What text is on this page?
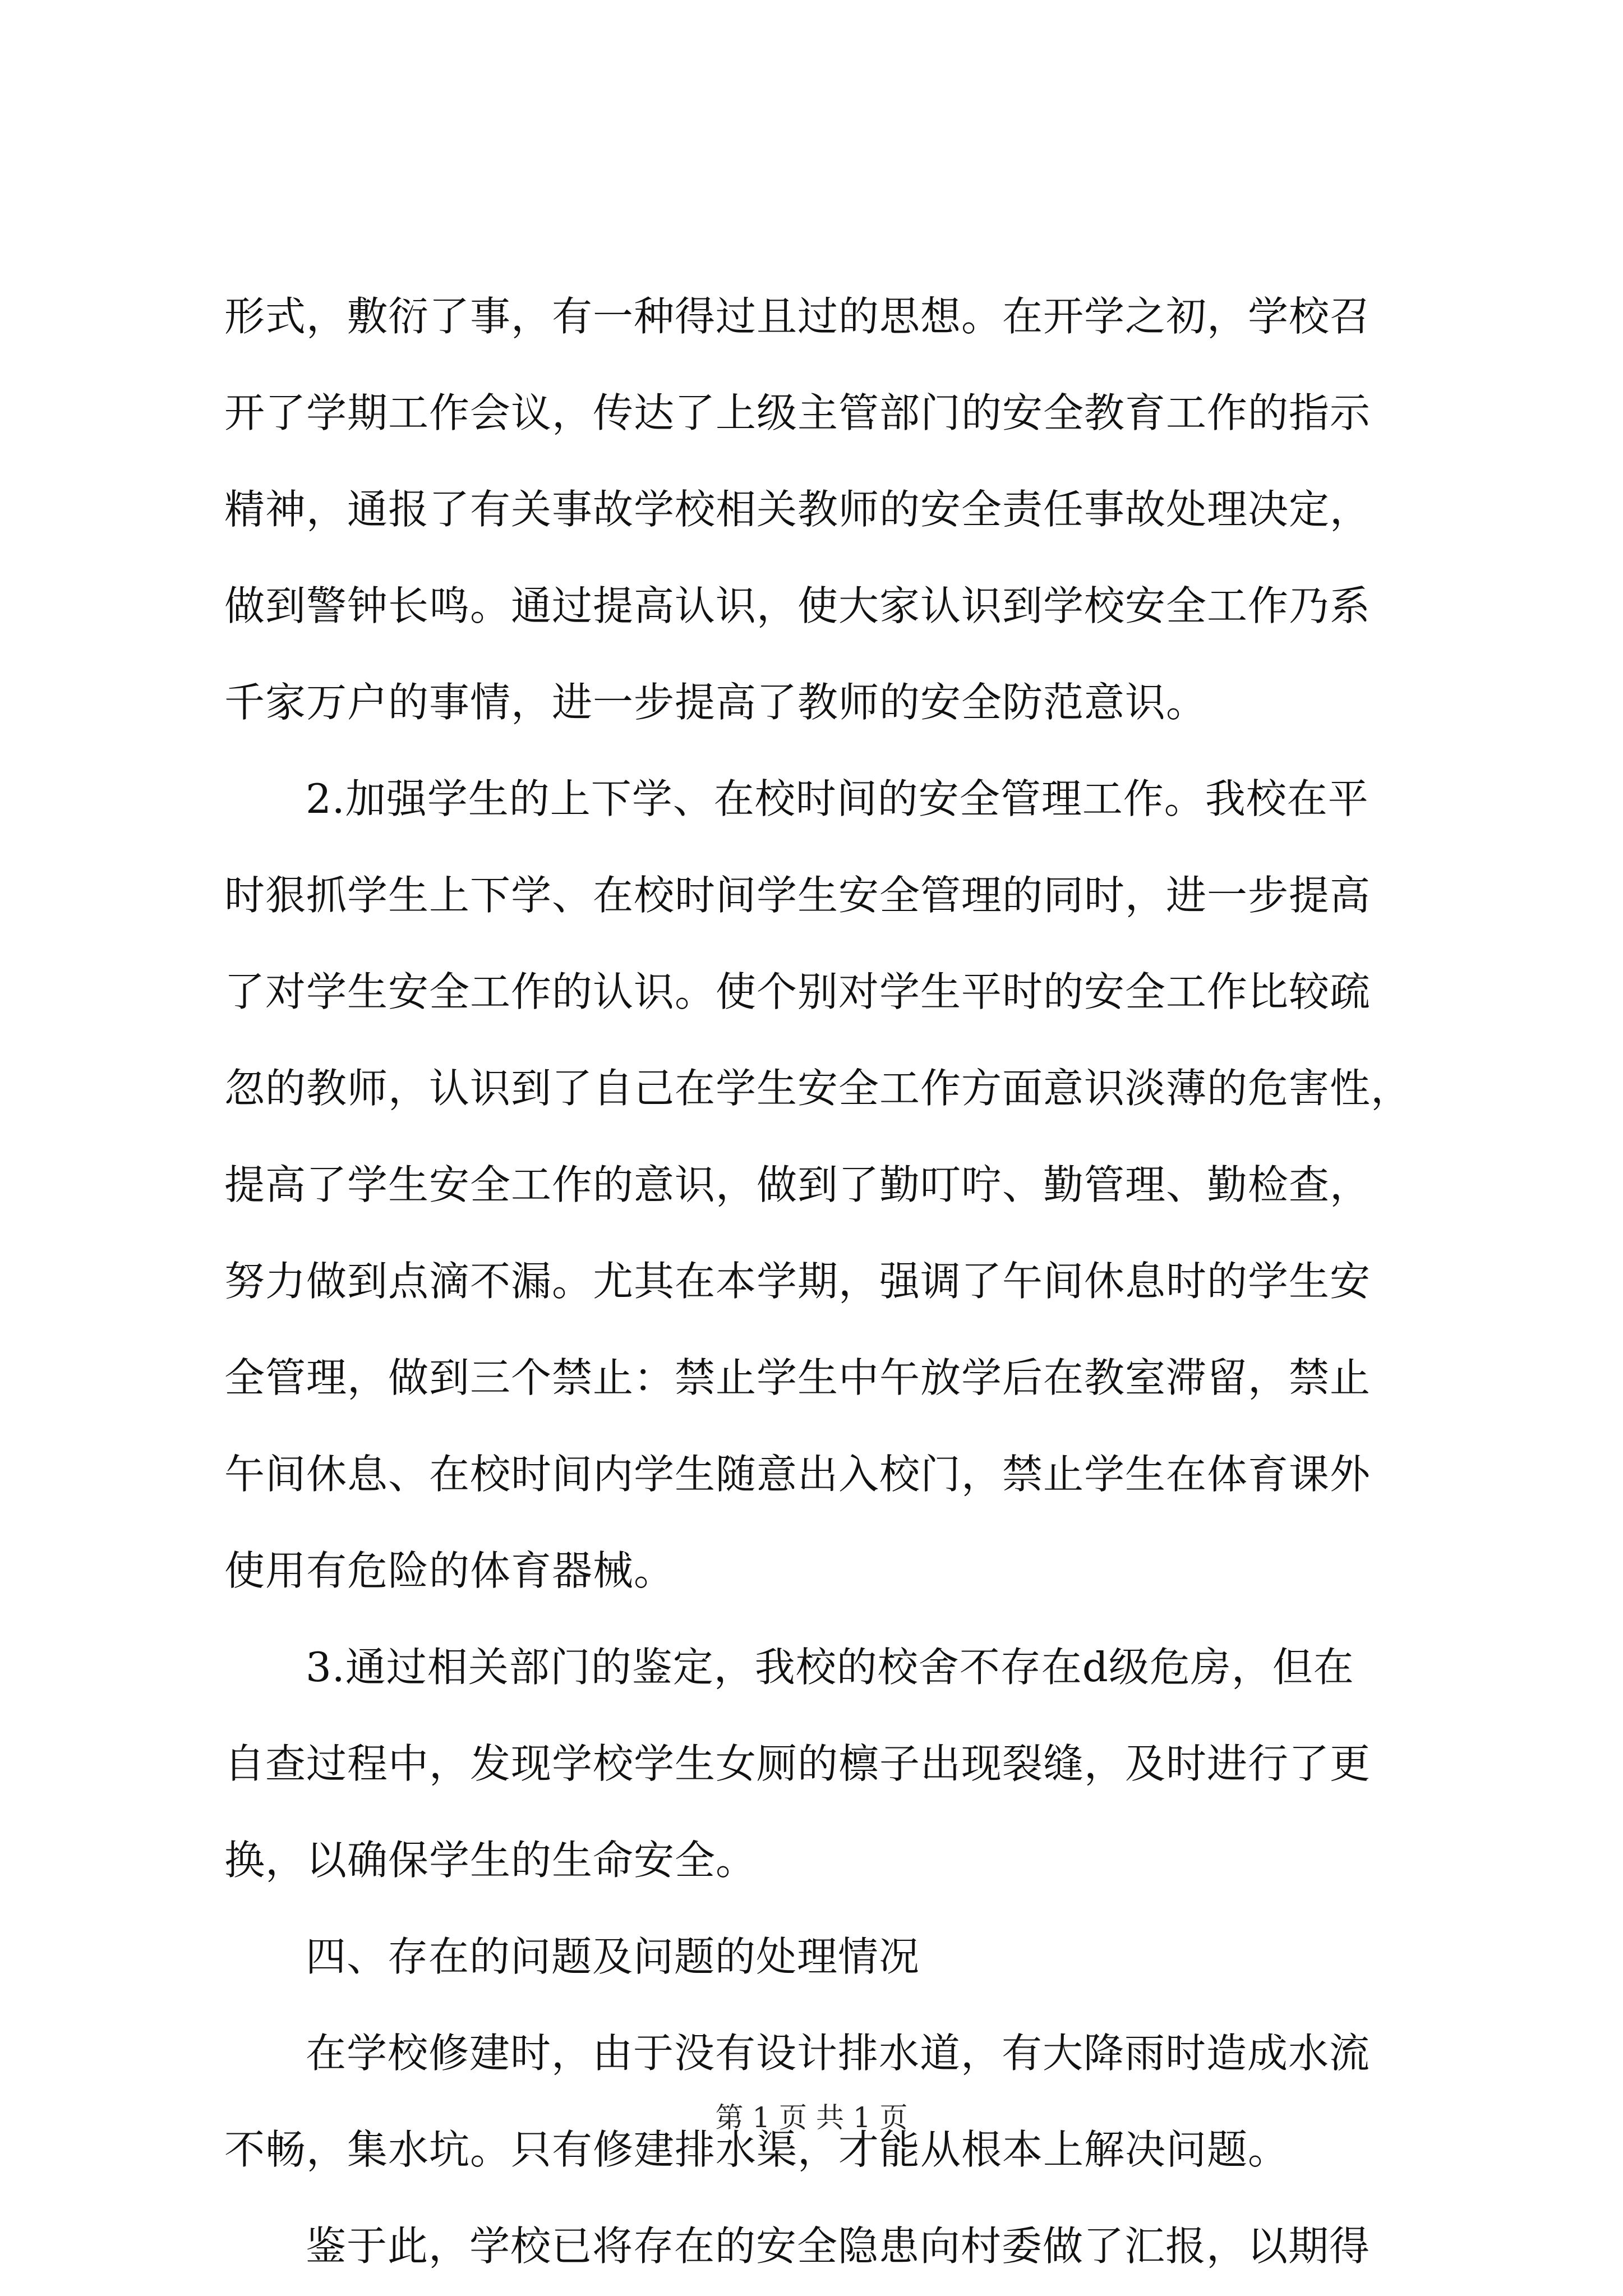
形式，敷衍了事，有一种得过且过的思想。在开学之初，学校召
开了学期工作会议，传达了上级主管部门的安全教育工作的指示
精神，通报了有关事故学校相关教师的安全责任事故处理决定，
做到警钟长鸣。通过提高认识，使大家认识到学校安全工作乃系
千家万户的事情，进一步提高了教师的安全防范意识。
2.加强学生的上下学、在校时间的安全管理工作。我校在平
时狠抓学生上下学、在校时间学生安全管理的同时，进一步提高
了对学生安全工作的认识。使个别对学生平时的安全工作比较疏
忽的教师，认识到了自己在学生安全工作方面意识淡薄的危害性，
提高了学生安全工作的意识，做到了勤叮咛、勤管理、勤检查，
努力做到点滴不漏。尤其在本学期，强调了午间休息时的学生安
全管理，做到三个禁止：禁止学生中午放学后在教室滞留，禁止
午间休息、在校时间内学生随意出入校门，禁止学生在体育课外
使用有危险的体育器械。
3.通过相关部门的鉴定，我校的校舍不存在d级危房，但在
自查过程中，发现学校学生女厕的檩子出现裂缝，及时进行了更
换，以确保学生的生命安全。
四、存在的问题及问题的处理情况
在学校修建时，由于没有设计排水道，有大降雨时造成水流
不畅，集水坑。只有修建排水渠，才能从根本上解决问题。
鉴于此，学校已将存在的安全隐患向村委做了汇报，以期得
第 1 页 共 1 页
